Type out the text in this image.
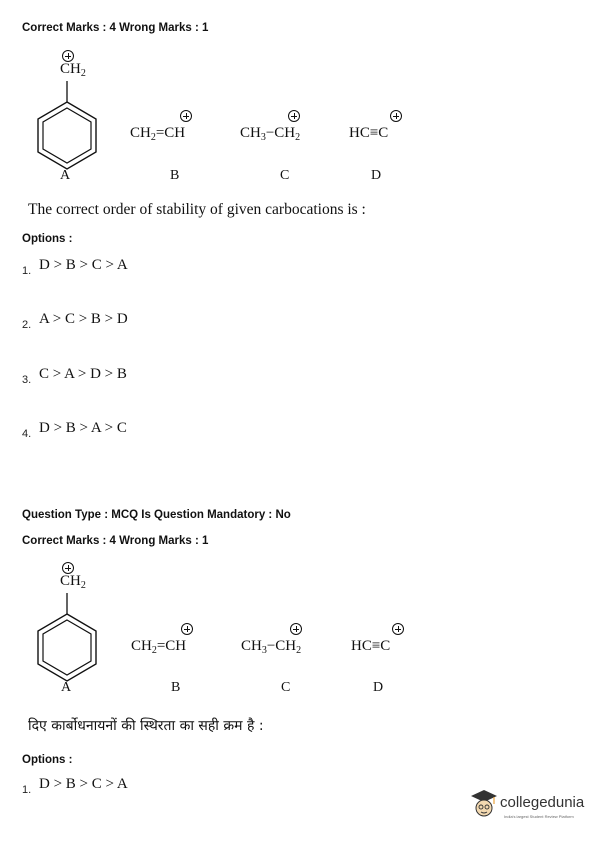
Correct Marks : 4 Wrong Marks : 1
$CH_2$
$CH_2=CH$	$CH_3-CH_2$	HC≡C
A	B	C	D
The correct order of stability of given carbocations is :
Options :
1. D > B > C > A
2. A > C > B > D
3. C > A > D > B
4. D > B > A > C
Question Type : MCQ Is Question Mandatory : No
Correct Marks : 4 Wrong Marks : 1
$CH_2$
$CH_2=CH$	$CH_3-CH_2$	HC≡C
A	B	C	D
दिए कार्बोधनायनों की स्थिरता का सही क्रम है :
Options :
1. D > B > C > A
collegedunia
India's largest Student Review Platform
